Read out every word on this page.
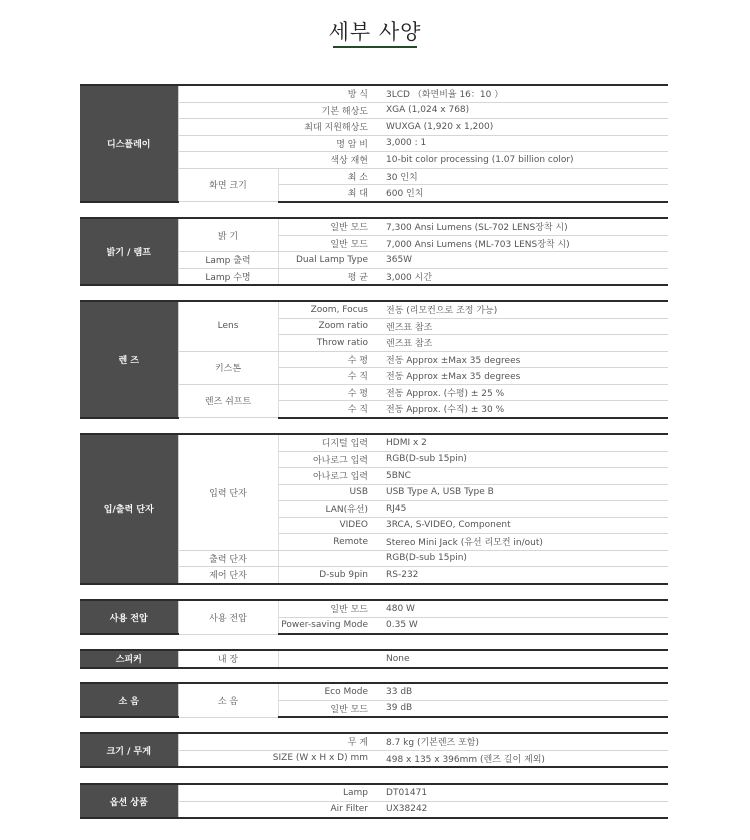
세부 사양
디스플레이	방 식		3LCD （화면비율 16：10 ）
	기본 해상도		XGA (1,024 x 768)
	최대 지원해상도		WUXGA (1,920 x 1,200)
	명 암 비		3,000 : 1
	색상 재현		10-bit color processing (1.07 billion color)
	화면 크기	최 소	30 인치
		최 대	600 인치
밝기 / 램프	밝 기	일반 모드	7,300 Ansi Lumens (SL-702 LENS장착 시)
		일반 모드	7,000 Ansi Lumens (ML-703 LENS장착 시)
	Lamp 출력	Dual Lamp Type	365W
	Lamp 수명	평 균	3,000 시간
렌 즈	Lens	Zoom, Focus	전동 (리모컨으로 조정 가능)
		Zoom ratio	렌즈표 참조
		Throw ratio	렌즈표 참조
	키스톤	수 평	전동 Approx ±Max 35 degrees
		수 직	전동 Approx ±Max 35 degrees
	렌즈 쉬프트	수 평	전동 Approx. (수평) ± 25 %
		수 직	전동 Approx. (수직) ± 30 %
입/출력 단자	입력 단자	디지털 입력	HDMI x 2
		아나로그 입력	RGB(D-sub 15pin)
		아나로그 입력	5BNC
		USB	USB Type A, USB Type B
		LAN(유선)	RJ45
		VIDEO	3RCA, S-VIDEO, Component
		Remote	Stereo Mini Jack (유선 리모컨 in/out)
	출력 단자		RGB(D-sub 15pin)
	제어 단자	D-sub 9pin	RS-232
사용 전압	사용 전압	일반 모드	480 W
		Power-saving Mode	0.35 W
스피커	내 장		None
소 음	소 음	Eco Mode	33 dB
		일반 모드	39 dB
크기 / 무게	무 게	8.7 kg (기본렌즈 포함)
	SIZE (W x H x D) mm	498 x 135 x 396mm (렌즈 길이 제외)
옵션 상품	Lamp	DT01471
	Air Filter	UX38242
